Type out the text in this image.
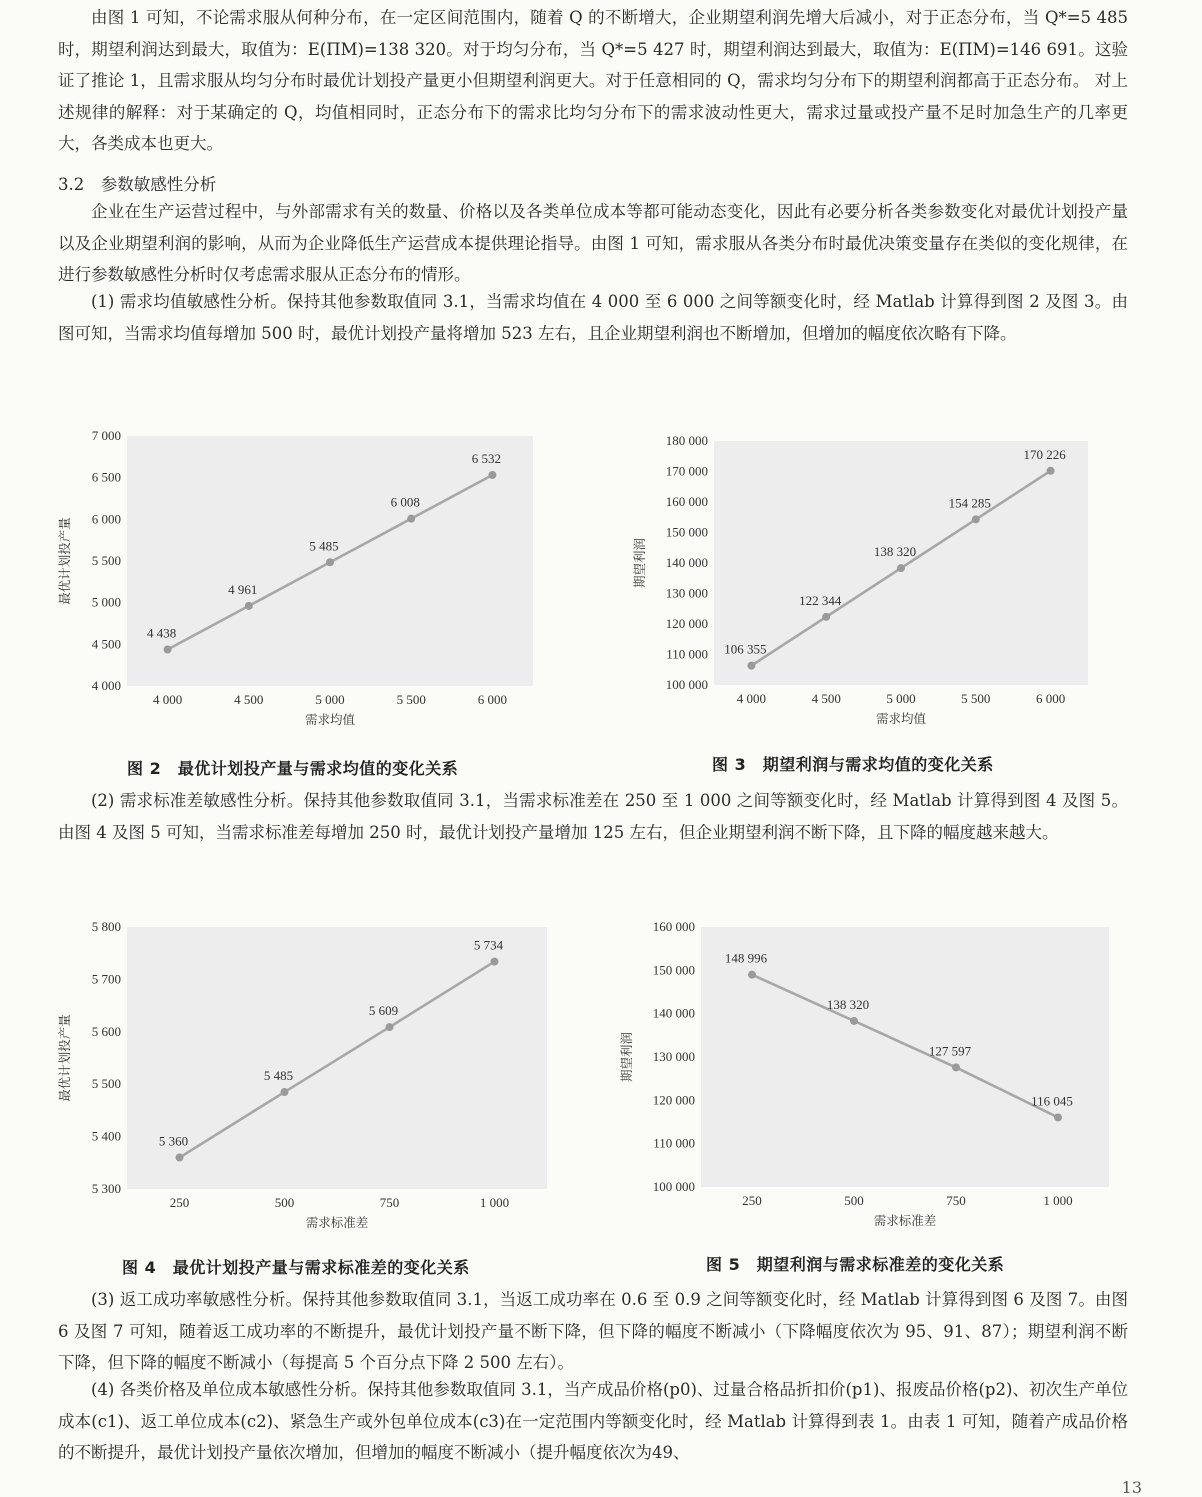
由图 1 可知，不论需求服从何种分布，在一定区间范围内，随着 Q 的不断增大，企业期望利润先增大后减小，对于正态分布，当 Q*=5 485 时，期望利润达到最大，取值为：E(ΠM)=138 320。对于均匀分布，当 Q*=5 427 时，期望利润达到最大，取值为：E(ΠM)=146 691。这验证了推论 1，且需求服从均匀分布时最优计划投产量更小但期望利润更大。对于任意相同的 Q，需求均匀分布下的期望利润都高于正态分布。 对上述规律的解释：对于某确定的 Q，均值相同时，正态分布下的需求比均匀分布下的需求波动性更大，需求过量或投产量不足时加急生产的几率更大，各类成本也更大。

3.2　参数敏感性分析

企业在生产运营过程中，与外部需求有关的数量、价格以及各类单位成本等都可能动态变化，因此有必要分析各类参数变化对最优计划投产量以及企业期望利润的影响，从而为企业降低生产运营成本提供理论指导。由图 1 可知，需求服从各类分布时最优决策变量存在类似的变化规律，在进行参数敏感性分析时仅考虑需求服从正态分布的情形。

(1) 需求均值敏感性分析。保持其他参数取值同 3.1，当需求均值在 4 000 至 6 000 之间等额变化时，经 Matlab 计算得到图 2 及图 3。由图可知，当需求均值每增加 500 时，最优计划投产量将增加 523 左右，且企业期望利润也不断增加，但增加的幅度依次略有下降。

4 000
4 500
5 000
5 500
6 000
6 500
7 000
4 000	4 500	5 000	5 500	6 000
需求均值
最优计划投产量
4 438
4 961
5 485
6 008
6 532
图 2　最优计划投产量与需求均值的变化关系
100 000
110 000
120 000
130 000
140 000
150 000
160 000
170 000
180 000
4 000	4 500	5 000	5 500	6 000
需求均值
期望利润
106 355
122 344
138 320
154 285
170 226
图 3　期望利润与需求均值的变化关系

(2) 需求标准差敏感性分析。保持其他参数取值同 3.1，当需求标准差在 250 至 1 000 之间等额变化时，经 Matlab 计算得到图 4 及图 5。由图 4 及图 5 可知，当需求标准差每增加 250 时，最优计划投产量增加 125 左右，但企业期望利润不断下降，且下降的幅度越来越大。

5 300
5 400
5 500
5 600
5 700
5 800
250	500	750	1 000
需求标准差
最优计划投产量
5 360
5 485
5 609
5 734
图 4　最优计划投产量与需求标准差的变化关系
100 000
110 000
120 000
130 000
140 000
150 000
160 000
250	500	750	1 000
需求标准差
期望利润
148 996
138 320
127 597
116 045
图 5　期望利润与需求标准差的变化关系

(3) 返工成功率敏感性分析。保持其他参数取值同 3.1，当返工成功率在 0.6 至 0.9 之间等额变化时，经 Matlab 计算得到图 6 及图 7。由图 6 及图 7 可知，随着返工成功率的不断提升，最优计划投产量不断下降，但下降的幅度不断减小（下降幅度依次为 95、91、87）；期望利润不断下降，但下降的幅度不断减小（每提高 5 个百分点下降 2 500 左右）。

(4) 各类价格及单位成本敏感性分析。保持其他参数取值同 3.1，当产成品价格(p0)、过量合格品折扣价(p1)、报废品价格(p2)、初次生产单位成本(c1)、返工单位成本(c2)、紧急生产或外包单位成本(c3)在一定范围内等额变化时，经 Matlab 计算得到表 1。由表 1 可知，随着产成品价格的不断提升，最优计划投产量依次增加，但增加的幅度不断减小（提升幅度依次为49、

13
